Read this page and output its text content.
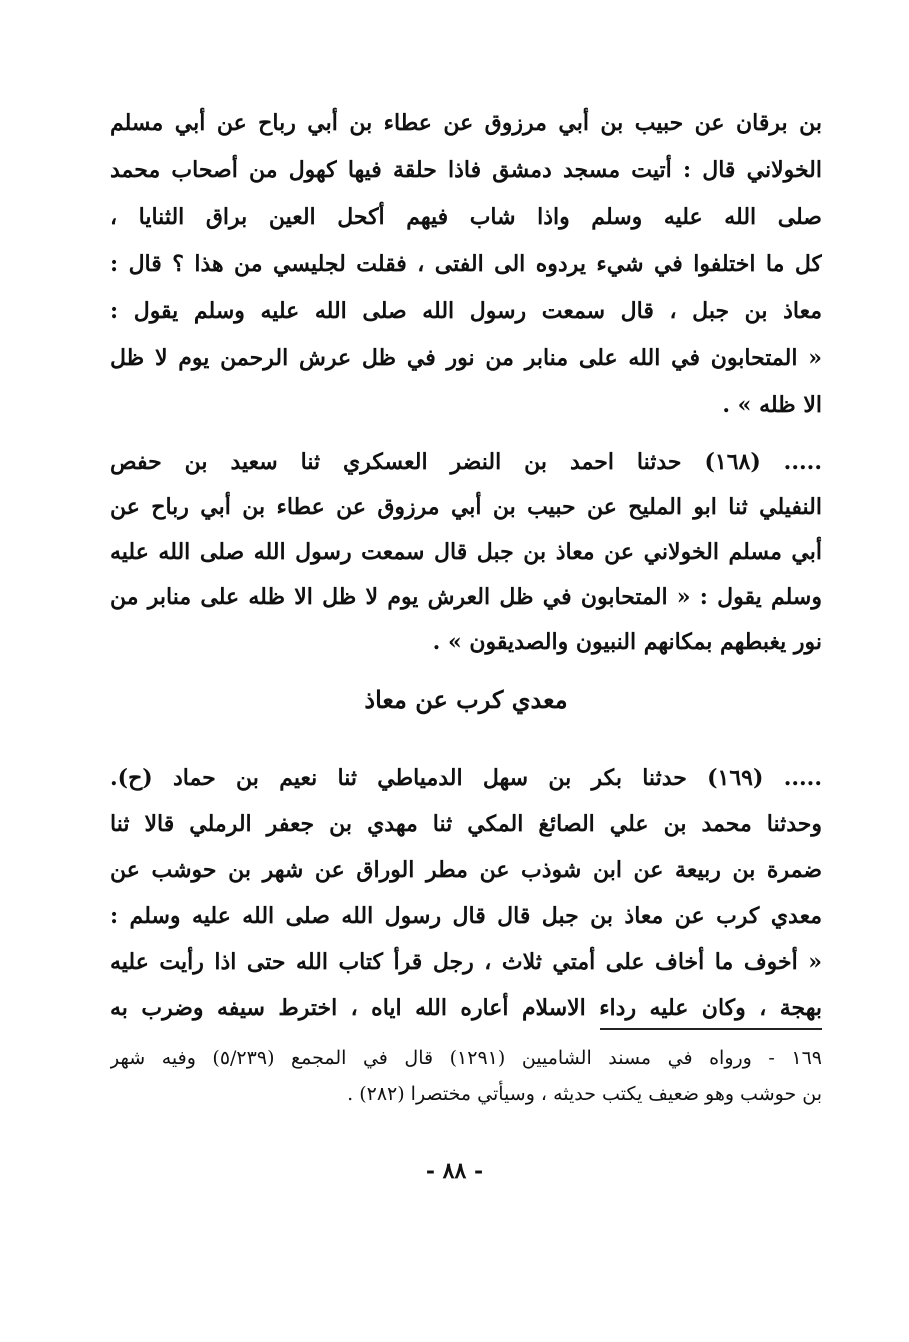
بن برقان عن حبيب بن أبي مرزوق عن عطاء بن أبي رباح عن أبي مسلم
الخولاني قال : أتيت مسجد دمشق فاذا حلقة فيها كهول من أصحاب محمد
صلى الله عليه وسلم واذا شاب فيهم أكحل العين براق الثنايا ،
كل ما اختلفوا في شيء يردوه الى الفتى ، فقلت لجليسي من هذا ؟ قال :
معاذ بن جبل ، قال سمعت رسول الله صلى الله عليه وسلم يقول :
« المتحابون في الله على منابر من نور في ظل عرش الرحمن يوم لا ظل
الا ظله » .
..... (١٦٨) حدثنا احمد بن النضر العسكري ثنا سعيد بن حفص
النفيلي ثنا ابو المليح عن حبيب بن أبي مرزوق عن عطاء بن أبي رباح عن
أبي مسلم الخولاني عن معاذ بن جبل قال سمعت رسول الله صلى الله عليه
وسلم يقول : « المتحابون في ظل العرش يوم لا ظل الا ظله على منابر من
نور يغبطهم بمكانهم النبيون والصديقون » .
معدي كرب عن معاذ
..... (١٦٩) حدثنا بكر بن سهل الدمياطي ثنا نعيم بن حماد (ح).
وحدثنا محمد بن علي الصائغ المكي ثنا مهدي بن جعفر الرملي قالا ثنا
ضمرة بن ربيعة عن ابن شوذب عن مطر الوراق عن شهر بن حوشب عن
معدي كرب عن معاذ بن جبل قال قال رسول الله صلى الله عليه وسلم :
« أخوف ما أخاف على أمتي ثلاث ، رجل قرأ كتاب الله حتى اذا رأيت عليه
بهجة ، وكان عليه رداء الاسلام أعاره الله اياه ، اخترط سيفه وضرب به
١٦٩ - ورواه في مسند الشاميين (١٢٩١) قال في المجمع (٥/٢٣٩) وفيه شهر
بن حوشب وهو ضعيف يكتب حديثه ، وسيأتي مختصرا (٢٨٢) .
- ٨٨ -
